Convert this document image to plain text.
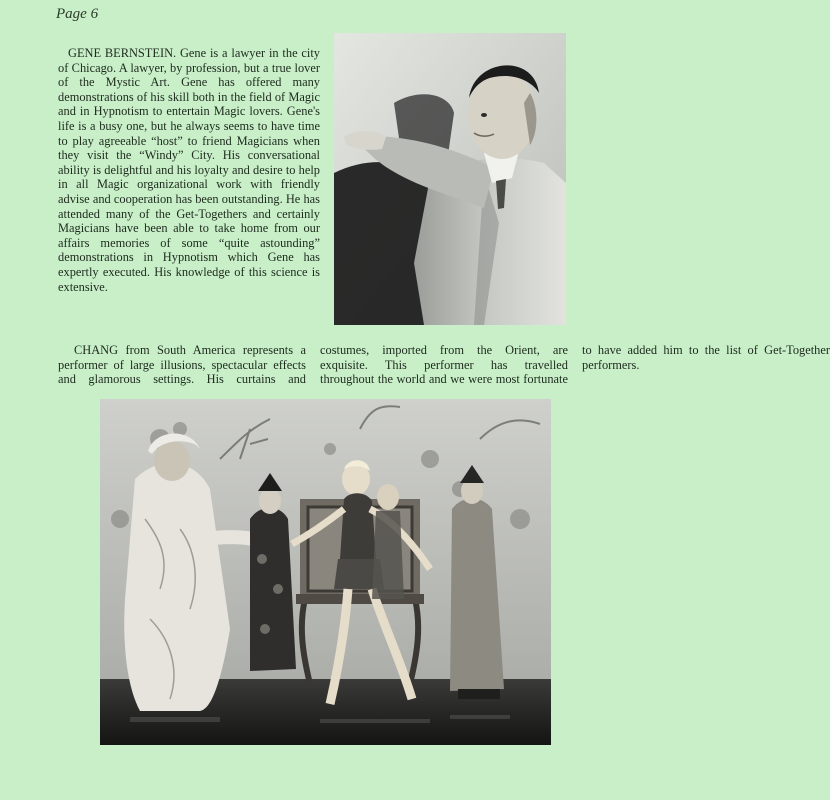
Page 6

GENE BERNSTEIN. Gene is a lawyer in the city of Chicago. A lawyer, by profession, but a true lover of the Mystic Art. Gene has offered many demonstrations of his skill both in the field of Magic and in Hypnotism to entertain Magic lovers. Gene's life is a busy one, but he always seems to have time to play agreeable “host” to friend Magicians when they visit the “Windy” City. His conversational ability is delightful and his loyalty and desire to help in all Magic organizational work with friendly advise and cooperation has been outstanding. He has attended many of the Get-Togethers and certainly Magicians have been able to take home from our affairs memories of some “quite astounding” demonstrations in Hypnotism which Gene has expertly executed. His knowledge of this science is extensive.

CHANG from South America represents a performer of large illusions, spectacular effects and glamorous settings. His curtains and costumes, imported from the Orient, are exquisite. This performer has travelled throughout the world and we were most fortunate to have added him to the list of Get-Together performers.
